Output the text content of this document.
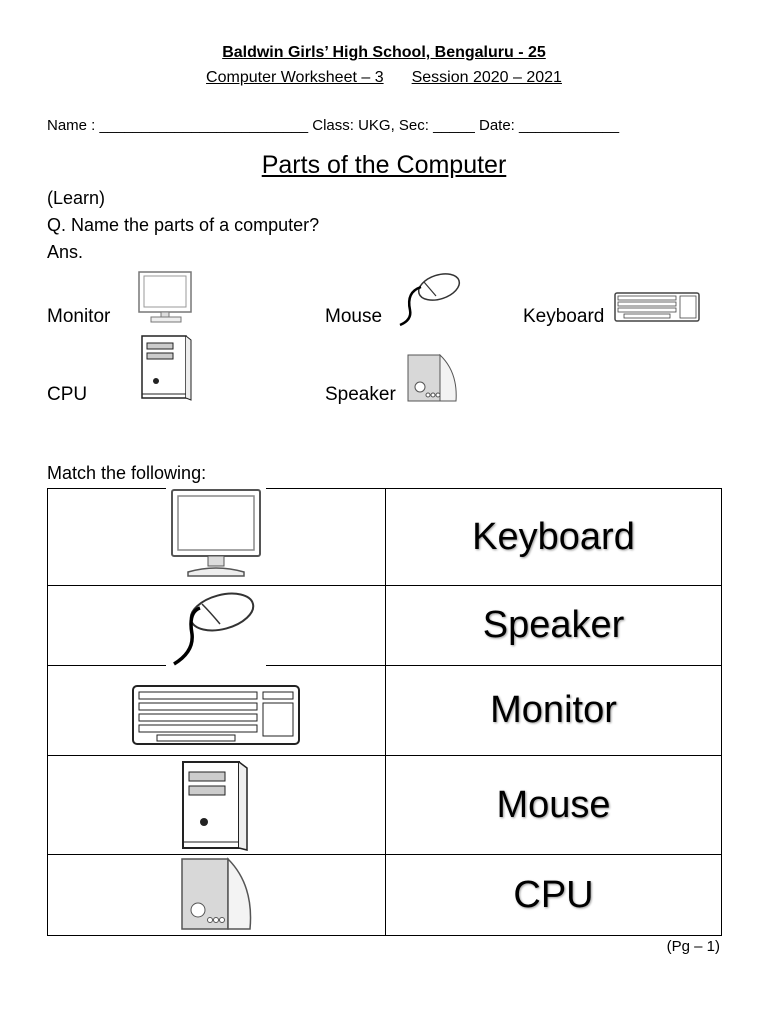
Baldwin Girls’ High School, Bengaluru - 25
Computer Worksheet – 3 Session 2020 – 2021
Name : _________________________ Class: UKG, Sec: _____ Date: ____________
Parts of the Computer
(Learn)
Q. Name the parts of a computer?
Ans.
Monitor	Mouse	Keyboard
CPU	Speaker
Match the following:
	Keyboard

	Speaker

	Monitor

	Mouse

	CPU
(Pg – 1)
